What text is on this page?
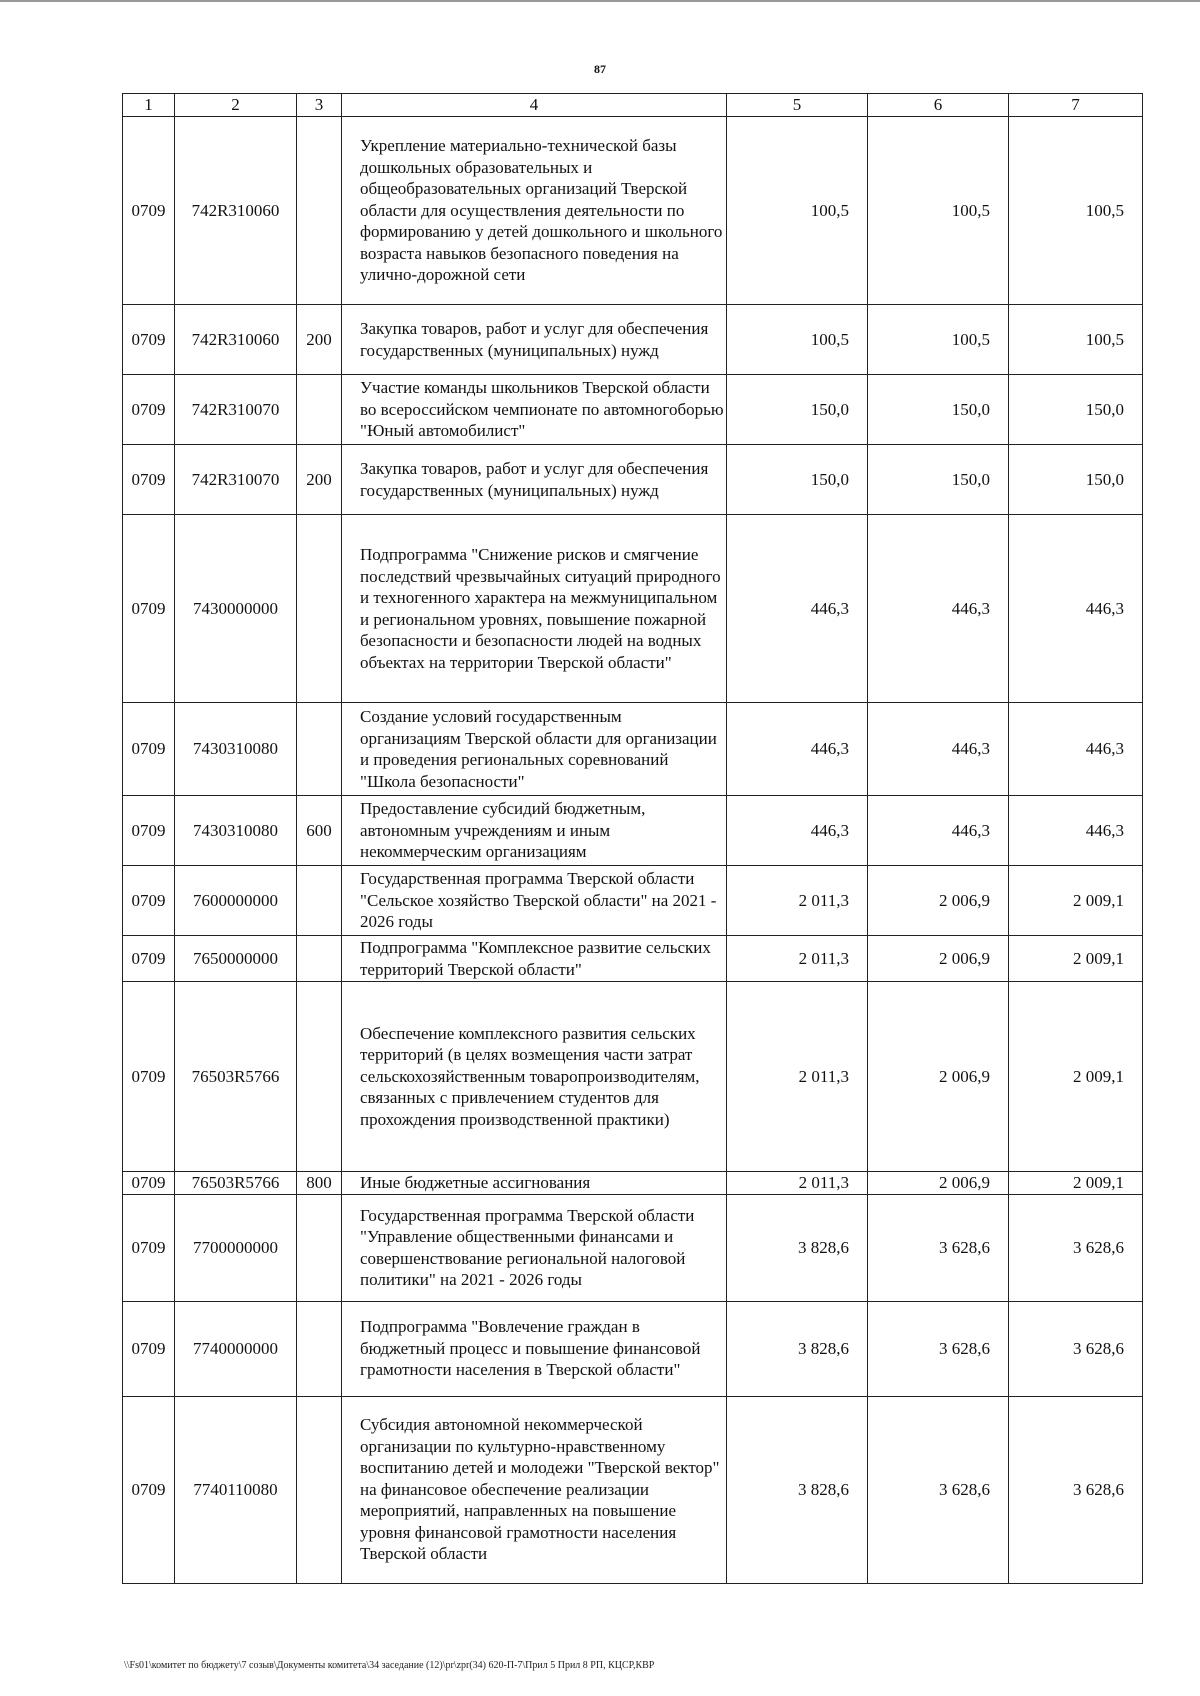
87
1	2	3	4	5	6	7
0709	742R310060		Укрепление материально-технической базы дошкольных образовательных и общеобразовательных организаций Тверской области для осуществления деятельности по формированию у детей дошкольного и школьного возраста навыков безопасного поведения на улично-дорожной сети	100,5	100,5	100,5
0709	742R310060	200	Закупка товаров, работ и услуг для обеспечения государственных (муниципальных) нужд	100,5	100,5	100,5
0709	742R310070		Участие команды школьников Тверской области во всероссийском чемпионате по автомногоборью "Юный автомобилист"	150,0	150,0	150,0
0709	742R310070	200	Закупка товаров, работ и услуг для обеспечения государственных (муниципальных) нужд	150,0	150,0	150,0
0709	7430000000		Подпрограмма "Снижение рисков и смягчение последствий чрезвычайных ситуаций природного и техногенного характера на межмуниципальном и региональном уровнях, повышение пожарной безопасности и безопасности людей на водных объектах на территории Тверской области"	446,3	446,3	446,3
0709	7430310080		Создание условий государственным организациям Тверской области для организации и проведения региональных соревнований "Школа безопасности"	446,3	446,3	446,3
0709	7430310080	600	Предоставление субсидий бюджетным, автономным учреждениям и иным некоммерческим организациям	446,3	446,3	446,3
0709	7600000000		Государственная программа Тверской области "Сельское хозяйство Тверской области" на 2021 - 2026 годы	2 011,3	2 006,9	2 009,1
0709	7650000000		Подпрограмма "Комплексное развитие сельских территорий Тверской области"	2 011,3	2 006,9	2 009,1
0709	76503R5766		Обеспечение комплексного развития сельских территорий (в целях возмещения части затрат сельскохозяйственным товаропроизводителям, связанных с привлечением студентов для прохождения производственной практики)	2 011,3	2 006,9	2 009,1
0709	76503R5766	800	Иные бюджетные ассигнования	2 011,3	2 006,9	2 009,1
0709	7700000000		Государственная программа Тверской области "Управление общественными финансами и совершенствование региональной налоговой политики" на 2021 - 2026 годы	3 828,6	3 628,6	3 628,6
0709	7740000000		Подпрограмма "Вовлечение граждан в бюджетный процесс и повышение финансовой грамотности населения в Тверской области"	3 828,6	3 628,6	3 628,6
0709	7740110080		Субсидия автономной некоммерческой организации по культурно-нравственному воспитанию детей и молодежи "Тверской вектор" на финансовое обеспечение реализации мероприятий, направленных на повышение уровня финансовой грамотности населения Тверской области	3 828,6	3 628,6	3 628,6
\\Fs01\комитет по бюджету\7 созыв\Документы комитета\34 заседание (12)\pr\zpr(34) 620-П-7\Прил 5 Прил 8 РП, КЦСР,КВР
